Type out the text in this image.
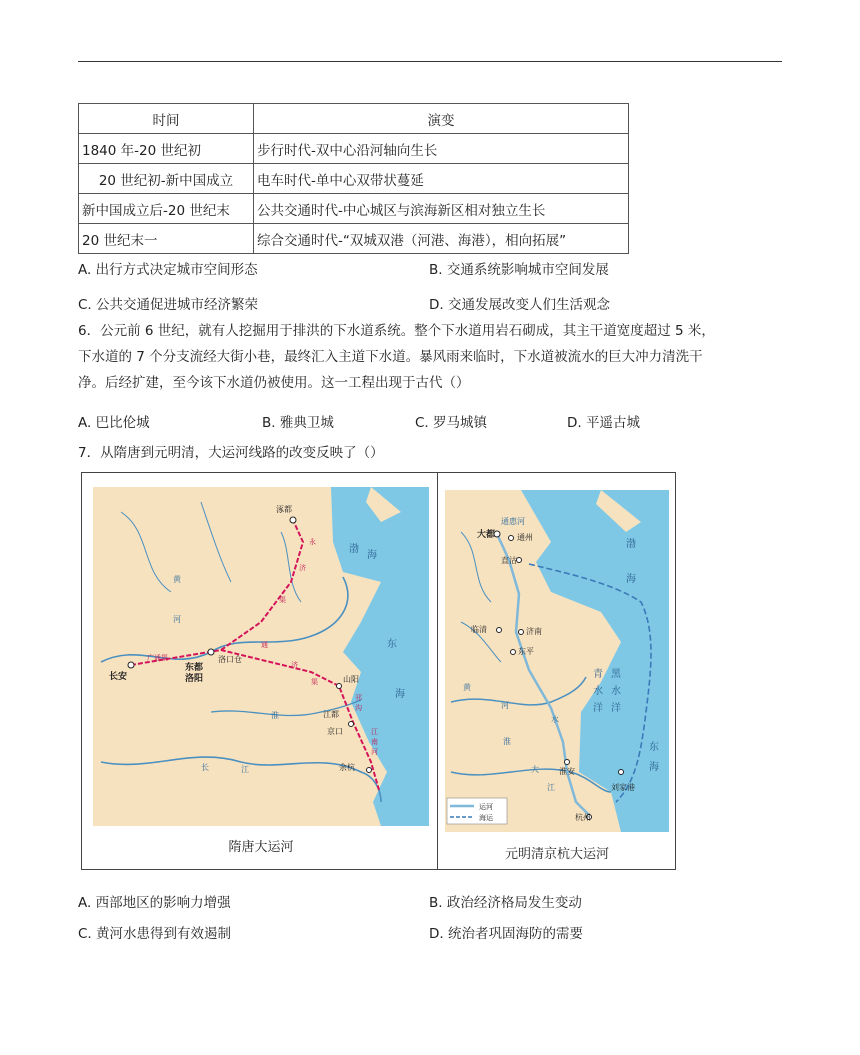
时间	演变
1840 年-20 世纪初	步行时代-双中心沿河轴向生长
20 世纪初-新中国成立	电车时代-单中心双带状蔓延
新中国成立后-20 世纪末	公共交通时代-中心城区与滨海新区相对独立生长
20 世纪末一	综合交通时代-“双城双港（河港、海港），相向拓展”
A. 出行方式决定城市空间形态	B. 交通系统影响城市空间发展
C. 公共交通促进城市经济繁荣	D. 交通发展改变人们生活观念
6．公元前 6 世纪，就有人挖掘用于排洪的下水道系统。整个下水道用岩石砌成，其主干道宽度超过 5 米，
下水道的 7 个分支流经大街小巷，最终汇入主道下水道。暴风雨来临时，下水道被流水的巨大冲力清洗干
净。后经扩建，至今该下水道仍被使用。这一工程出现于古代（）
A. 巴比伦城	B. 雅典卫城	C. 罗马城镇	D. 平遥古城
7．从隋唐到元明清，大运河线路的改变反映了（）
涿都
长安
东都
洛阳
洛口仓
山阳
江都
京口
余杭
渤
海
东
海
黄
河
长	江
淮
永
济
渠
通
济
渠
邗
沟
江
南
河
广通渠
隋唐大运河
大都	通州
直沽
临清	济南
东平
淮安
刘家港
杭州
渤
海
青
水
洋
黑
水
洋
东
海
通惠河
黄
河
淮
水
大
江
运河
海运
元明清京杭大运河
A. 西部地区的影响力增强	B. 政治经济格局发生变动
C. 黄河水患得到有效遏制	D. 统治者巩固海防的需要
